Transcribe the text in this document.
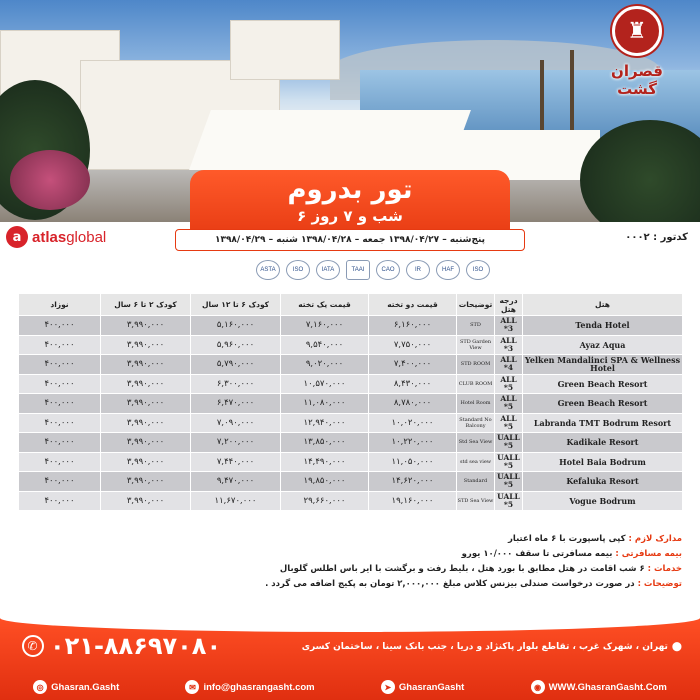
♜
قصران گشت
تور بدروم
۶ شب و ۷ روز
پنج‌شنبه – ۱۳۹۸/۰۴/۲۷ جمعه – ۱۳۹۸/۰۴/۲۸ شنبه – ۱۳۹۸/۰۴/۲۹	کدتور : ۰۰۰۲
a atlasglobal
ASTA	ISO	IATA	TAAI	CAO	IR	HAF	ISO
هتل	درجه هتل	توضیحات	قیمت دو تخته	قیمت یک تخته	کودک ۶ تا ۱۲ سال	کودک ۲ تا ۶ سال	نوزاد
Tenda Hotel	ALL 3*	STD	۶,۱۶۰,۰۰۰	۷,۱۶۰,۰۰۰	۵,۱۶۰,۰۰۰	۳,۹۹۰,۰۰۰	۴۰۰,۰۰۰
Ayaz Aqua	ALL 3*	STD Garden View	۷,۷۵۰,۰۰۰	۹,۵۴۰,۰۰۰	۵,۹۶۰,۰۰۰	۳,۹۹۰,۰۰۰	۴۰۰,۰۰۰
Yelken Mandalinci SPA & Wellness Hotel	ALL 4*	STD ROOM	۷,۴۰۰,۰۰۰	۹,۰۲۰,۰۰۰	۵,۷۹۰,۰۰۰	۳,۹۹۰,۰۰۰	۴۰۰,۰۰۰
Green Beach Resort	ALL 5*	CLUB ROOM	۸,۴۳۰,۰۰۰	۱۰,۵۷۰,۰۰۰	۶,۳۰۰,۰۰۰	۳,۹۹۰,۰۰۰	۴۰۰,۰۰۰
Green Beach Resort	ALL 5*	Hotel Room	۸,۷۸۰,۰۰۰	۱۱,۰۸۰,۰۰۰	۶,۴۷۰,۰۰۰	۳,۹۹۰,۰۰۰	۴۰۰,۰۰۰
Labranda TMT Bodrum Resort	ALL 5*	Standard No Balcony	۱۰,۰۲۰,۰۰۰	۱۲,۹۴۰,۰۰۰	۷,۰۹۰,۰۰۰	۳,۹۹۰,۰۰۰	۴۰۰,۰۰۰
Kadikale Resort	UALL 5*	Std Sea View	۱۰,۲۲۰,۰۰۰	۱۳,۸۵۰,۰۰۰	۷,۲۰۰,۰۰۰	۳,۹۹۰,۰۰۰	۴۰۰,۰۰۰
Hotel Baia Bodrum	UALL 5*	std sea view	۱۱,۰۵۰,۰۰۰	۱۴,۴۹۰,۰۰۰	۷,۴۴۰,۰۰۰	۳,۹۹۰,۰۰۰	۴۰۰,۰۰۰
Kefaluka Resort	UALL 5*	Standard	۱۴,۶۲۰,۰۰۰	۱۹,۸۵۰,۰۰۰	۹,۴۷۰,۰۰۰	۳,۹۹۰,۰۰۰	۴۰۰,۰۰۰
Vogue Bodrum	UALL 5*	STD Sea View	۱۹,۱۶۰,۰۰۰	۲۹,۶۶۰,۰۰۰	۱۱,۶۷۰,۰۰۰	۳,۹۹۰,۰۰۰	۴۰۰,۰۰۰
مدارک لازم : کپی پاسپورت با ۶ ماه اعتبار
بیمه مسافرتی : بیمه مسافرتی تا سقف ۱۰/۰۰۰ یورو
خدمات : ۶ شب اقامت در هتل مطابق با بورد هتل ، بلیط رفت و برگشت با ایر باس اطلس گلوبال
توضیحات : در صورت درخواست صندلی بیزنس کلاس مبلغ ۲,۰۰۰,۰۰۰ تومان به پکیج اضافه می گردد .
✆ ۰۲۱-۸۸۶۹۷۰۸۰	⬤
تهران ، شهرک غرب ، تقاطع بلوار پاکنژاد و دریا ، جنب بانک سینا ، ساختمان کسری
◎ Ghasran.Gasht	✉ info@ghasrangasht.com	➤ GhasranGasht	◉ WWW.GhasranGasht.Com
